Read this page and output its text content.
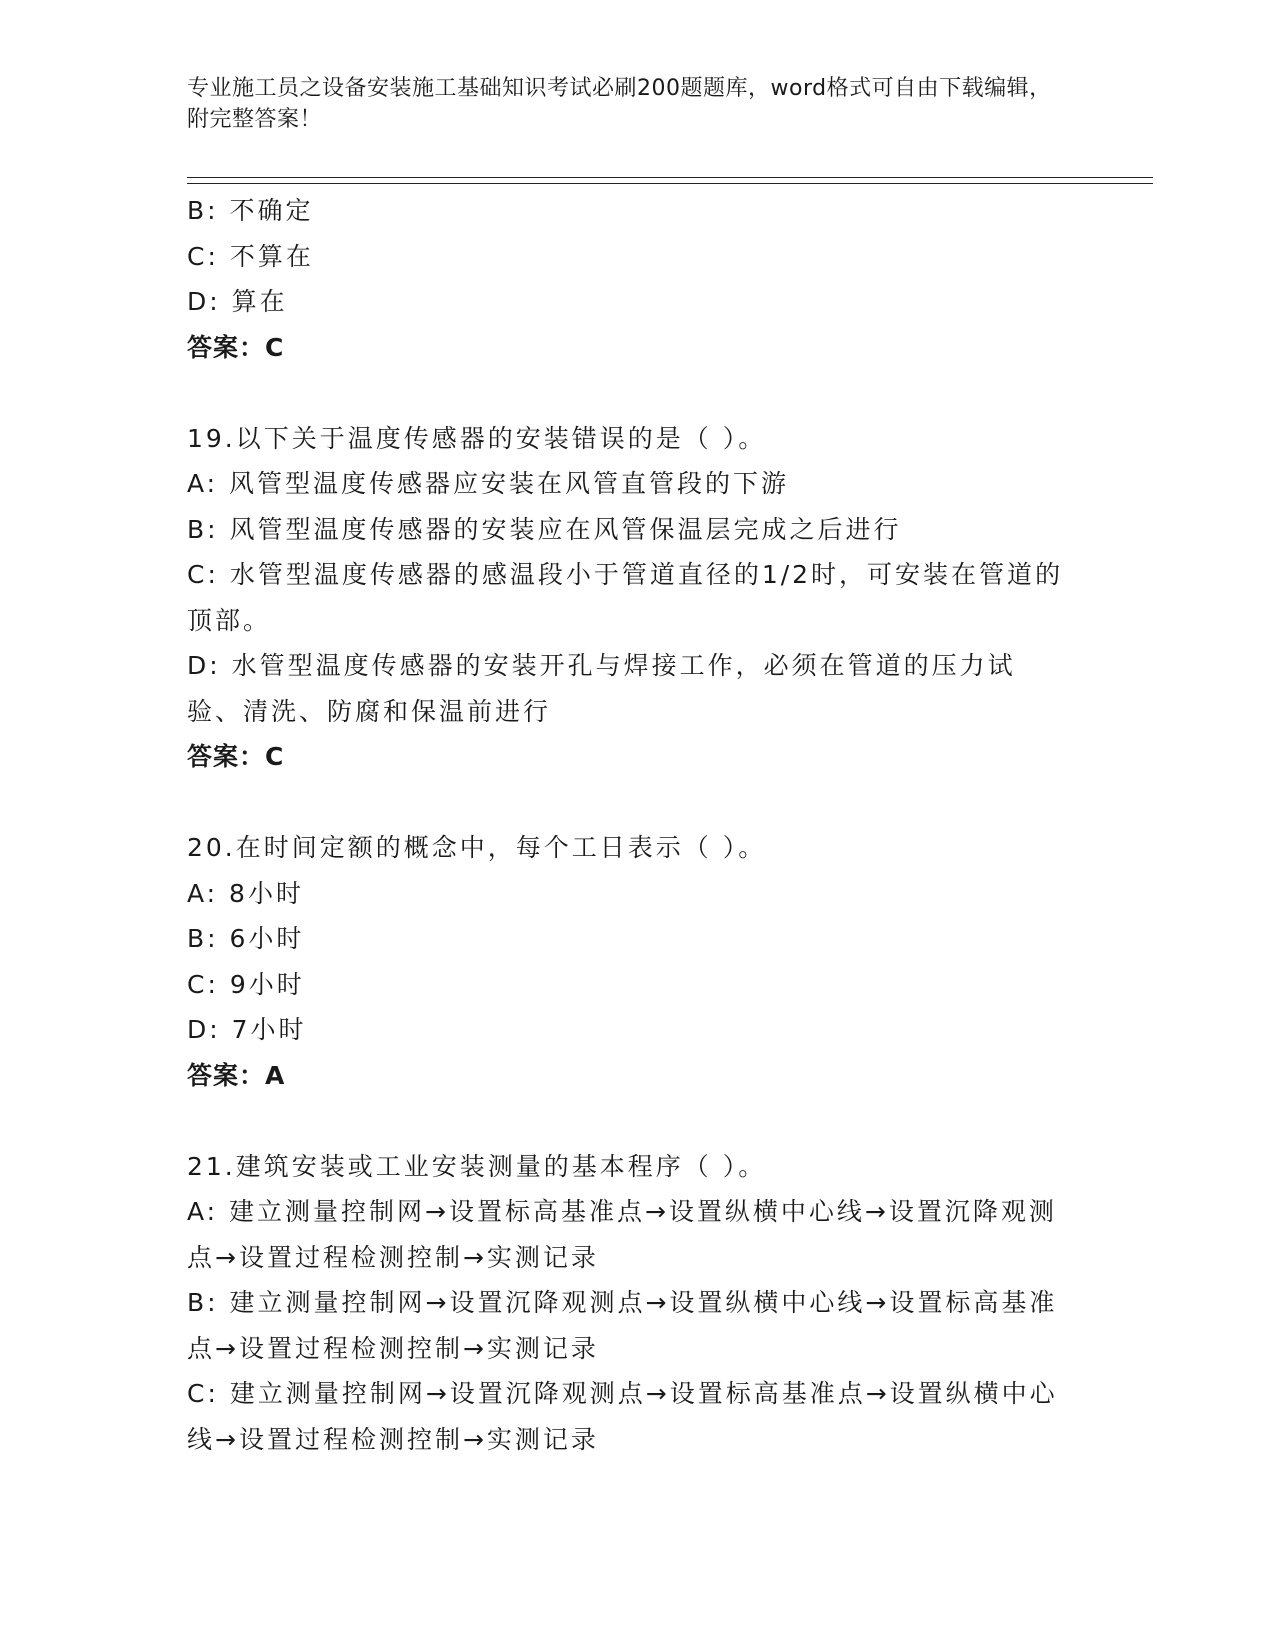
专业施工员之设备安装施工基础知识考试必刷200题题库，word格式可自由下载编辑，附完整答案！

B: 不确定

C: 不算在

D: 算在

答案：C

19.以下关于温度传感器的安装错误的是（ ）。

A: 风管型温度传感器应安装在风管直管段的下游

B: 风管型温度传感器的安装应在风管保温层完成之后进行

C: 水管型温度传感器的感温段小于管道直径的1/2时，可安装在管道的顶部。

D: 水管型温度传感器的安装开孔与焊接工作，必须在管道的压力试验、清洗、防腐和保温前进行

答案：C

20.在时间定额的概念中，每个工日表示（ ）。

A: 8小时

B: 6小时

C: 9小时

D: 7小时

答案：A

21.建筑安装或工业安装测量的基本程序（ ）。

A: 建立测量控制网→设置标高基准点→设置纵横中心线→设置沉降观测点→设置过程检测控制→实测记录

B: 建立测量控制网→设置沉降观测点→设置纵横中心线→设置标高基准点→设置过程检测控制→实测记录

C: 建立测量控制网→设置沉降观测点→设置标高基准点→设置纵横中心线→设置过程检测控制→实测记录
